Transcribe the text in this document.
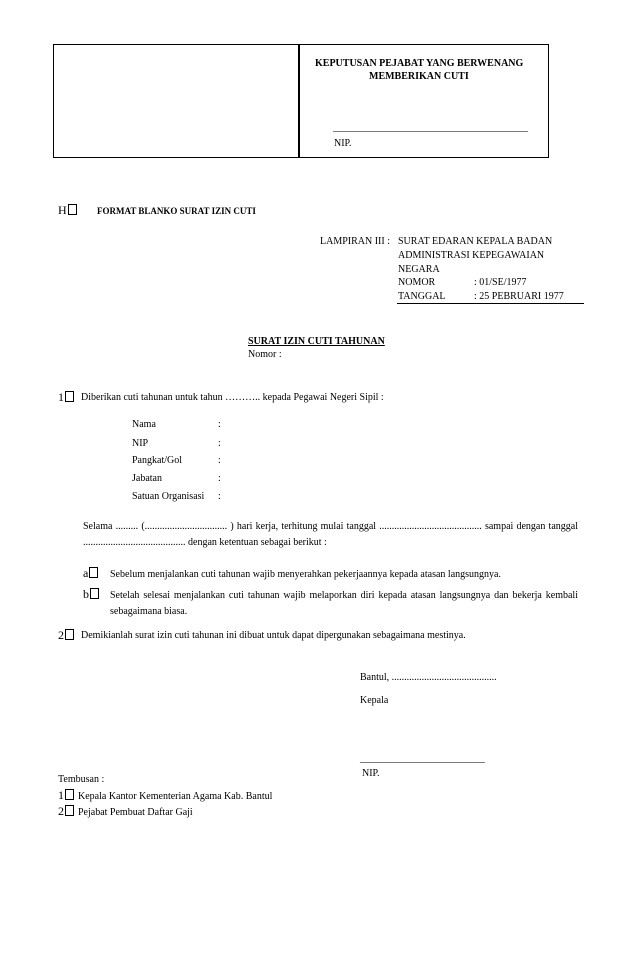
KEPUTUSAN PEJABAT YANG BERWENANG
MEMBERIKAN CUTI
_______________________________________
NIP.
H	FORMAT BLANKO SURAT IZIN CUTI
LAMPIRAN III : SURAT EDARAN KEPALA BADAN
ADMINISTRASI KEPEGAWAIAN
NEGARA
NOMOR	: 01/SE/1977
TANGGAL	: 25 PEBRUARI 1977
SURAT IZIN CUTI TAHUNAN
Nomor :
1	Diberikan cuti tahunan untuk tahun ……….. kepada Pegawai Negeri Sipil :
Nama	:
NIP	:
Pangkat/Gol	:
Jabatan	:
Satuan Organisasi :
Selama ......... (................................. ) hari kerja, terhitung mulai tanggal ......................................... sampai dengan tanggal ......................................... dengan ketentuan sebagai berikut :
a	Sebelum menjalankan cuti tahunan wajib menyerahkan pekerjaannya kepada atasan langsungnya.
b	Setelah selesai menjalankan cuti tahunan wajib melaporkan diri kepada atasan langsungnya dan bekerja kembali sebagaimana biasa.
2	Demikianlah surat izin cuti tahunan ini dibuat untuk dapat dipergunakan sebagaimana mestinya.
Bantul, ..........................................
Kepala
_________________________
NIP.
Tembusan :
1 Kepala Kantor Kementerian Agama Kab. Bantul
2 Pejabat Pembuat Daftar Gaji
